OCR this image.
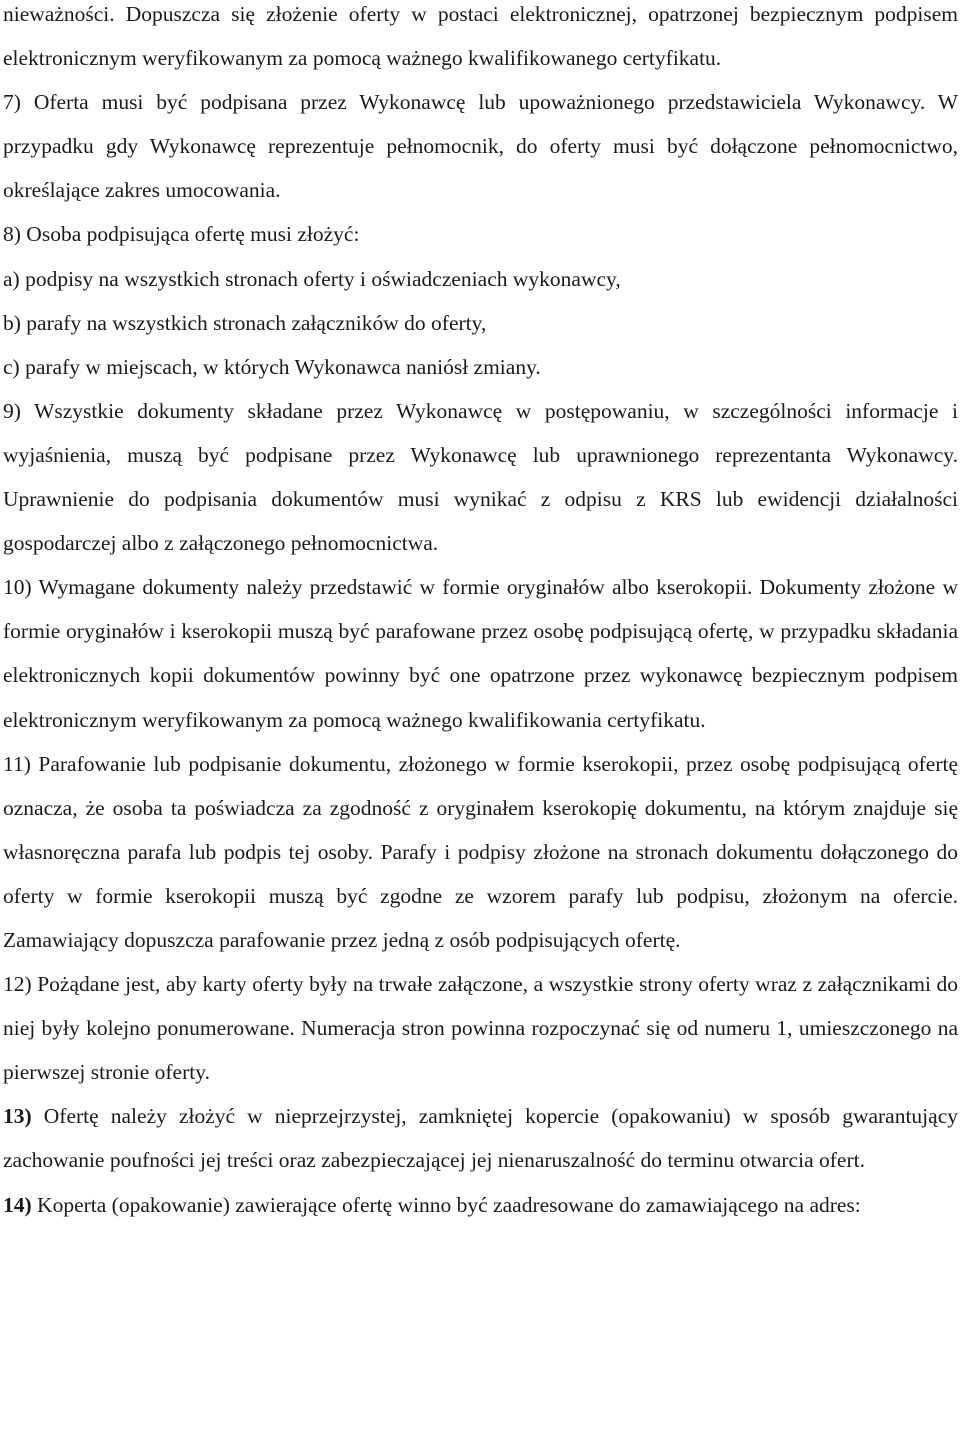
nieważności. Dopuszcza się złożenie oferty w postaci elektronicznej, opatrzonej bezpiecznym podpisem elektronicznym weryfikowanym za pomocą ważnego kwalifikowanego certyfikatu.

7) Oferta musi być podpisana przez Wykonawcę lub upoważnionego przedstawiciela Wykonawcy. W przypadku gdy Wykonawcę reprezentuje pełnomocnik, do oferty musi być dołączone pełnomocnictwo, określające zakres umocowania.

8) Osoba podpisująca ofertę musi złożyć:

a) podpisy na wszystkich stronach oferty i oświadczeniach wykonawcy,

b) parafy na wszystkich stronach załączników do oferty,

c) parafy w miejscach, w których Wykonawca naniósł zmiany.

9) Wszystkie dokumenty składane przez Wykonawcę w postępowaniu, w szczególności informacje i wyjaśnienia, muszą być podpisane przez Wykonawcę lub uprawnionego reprezentanta Wykonawcy. Uprawnienie do podpisania dokumentów musi wynikać z odpisu z KRS lub ewidencji działalności gospodarczej albo z załączonego pełnomocnictwa.

10) Wymagane dokumenty należy przedstawić w formie oryginałów albo kserokopii. Dokumenty złożone w formie oryginałów i kserokopii muszą być parafowane przez osobę podpisującą ofertę, w przypadku składania elektronicznych kopii dokumentów powinny być one opatrzone przez wykonawcę bezpiecznym podpisem elektronicznym weryfikowanym za pomocą ważnego kwalifikowania certyfikatu.

11) Parafowanie lub podpisanie dokumentu, złożonego w formie kserokopii, przez osobę podpisującą ofertę oznacza, że osoba ta poświadcza za zgodność z oryginałem kserokopię dokumentu, na którym znajduje się własnoręczna parafa lub podpis tej osoby. Parafy i podpisy złożone na stronach dokumentu dołączonego do oferty w formie kserokopii muszą być zgodne ze wzorem parafy lub podpisu, złożonym na ofercie. Zamawiający dopuszcza parafowanie przez jedną z osób podpisujących ofertę.

12) Pożądane jest, aby karty oferty były na trwałe załączone, a wszystkie strony oferty wraz z załącznikami do niej były kolejno ponumerowane. Numeracja stron powinna rozpoczynać się od numeru 1, umieszczonego na pierwszej stronie oferty.

13) Ofertę należy złożyć w nieprzejrzystej, zamkniętej kopercie (opakowaniu) w sposób gwarantujący zachowanie poufności jej treści oraz zabezpieczającej jej nienaruszalność do terminu otwarcia ofert.

14) Koperta (opakowanie) zawierające ofertę winno być zaadresowane do zamawiającego na adres:
